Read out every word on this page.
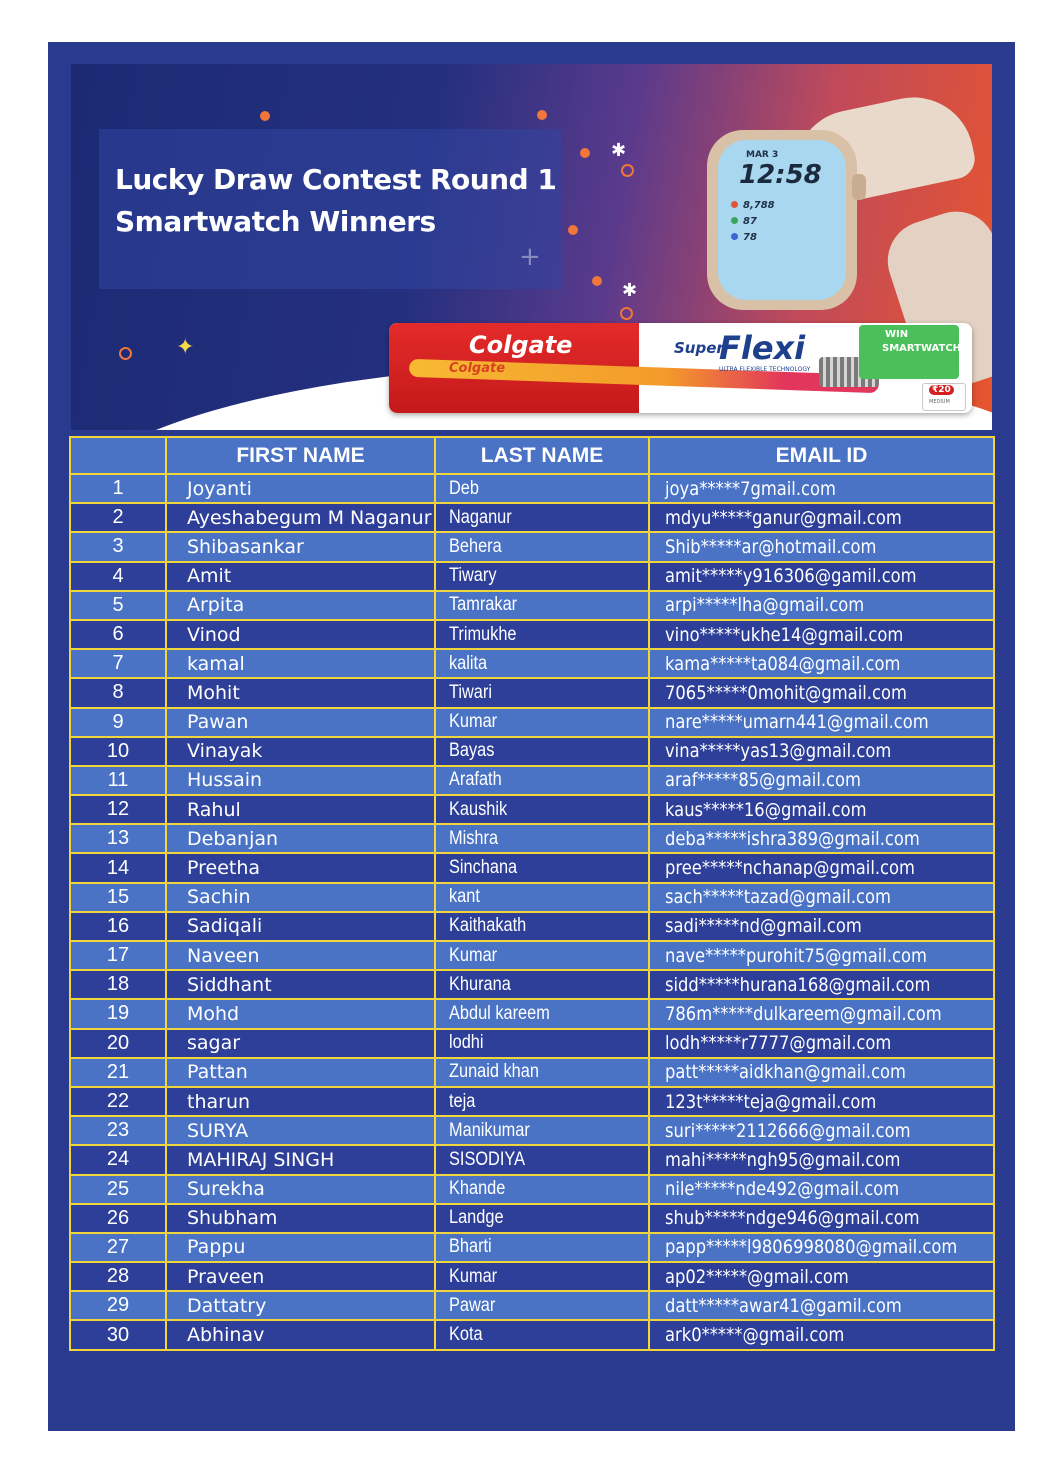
Lucky Draw Contest Round 1
Smartwatch Winners
✱
✱
✦
+
MAR 3
12:58
8,788
87
78
Colgate
Colgate
Super
Flexi
ULTRA FLEXIBLE TECHNOLOGY
WIN
SMARTWATCH
₹20
MEDIUM
	FIRST NAME	LAST NAME	EMAIL ID
1	Joyanti	Deb	joya*****7gmail.com
2	Ayeshabegum M Naganur	Naganur	mdyu*****ganur@gmail.com
3	Shibasankar	Behera	Shib*****ar@hotmail.com
4	Amit	Tiwary	amit*****y916306@gamil.com
5	Arpita	Tamrakar	arpi*****lha@gmail.com
6	Vinod	Trimukhe	vino*****ukhe14@gmail.com
7	kamal	kalita	kama*****ta084@gmail.com
8	Mohit	Tiwari	7065*****0mohit@gmail.com
9	Pawan	Kumar	nare*****umarn441@gmail.com
10	Vinayak	Bayas	vina*****yas13@gmail.com
11	Hussain	Arafath	araf*****85@gmail.com
12	Rahul	Kaushik	kaus*****16@gmail.com
13	Debanjan	Mishra	deba*****ishra389@gmail.com
14	Preetha	Sinchana	pree*****nchanap@gmail.com
15	Sachin	kant	sach*****tazad@gmail.com
16	Sadiqali	Kaithakath	sadi*****nd@gmail.com
17	Naveen	Kumar	nave*****purohit75@gmail.com
18	Siddhant	Khurana	sidd*****hurana168@gmail.com
19	Mohd	Abdul kareem	786m*****dulkareem@gmail.com
20	sagar	lodhi	lodh*****r7777@gmail.com
21	Pattan	Zunaid khan	patt*****aidkhan@gmail.com
22	tharun	teja	123t*****teja@gmail.com
23	SURYA	Manikumar	suri*****2112666@gmail.com
24	MAHIRAJ SINGH	SISODIYA	mahi*****ngh95@gmail.com
25	Surekha	Khande	nile*****nde492@gmail.com
26	Shubham	Landge	shub*****ndge946@gmail.com
27	Pappu	Bharti	papp*****l9806998080@gmail.com
28	Praveen	Kumar	ap02*****@gmail.com
29	Dattatry	Pawar	datt*****awar41@gamil.com
30	Abhinav	Kota	ark0*****@gmail.com
